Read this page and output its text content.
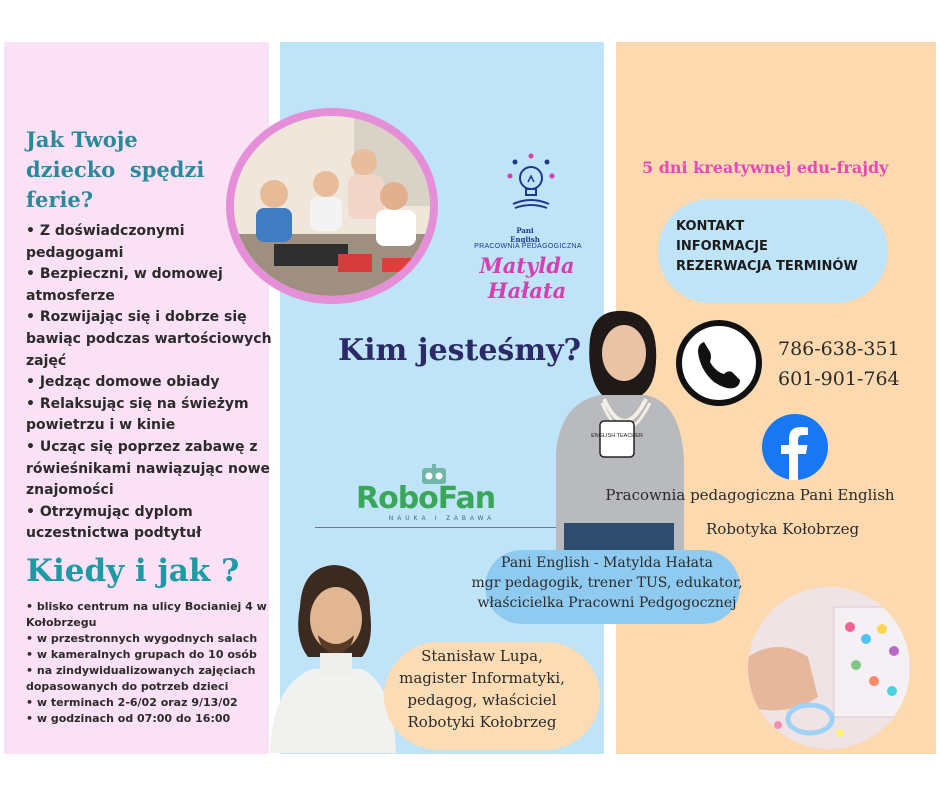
Jak Twoje
dziecko  spędzi
ferie?
• Z doświadczonymi pedagogami
• Bezpieczni, w domowej atmosferze
• Rozwijając się i dobrze się bawiąc podczas wartościowych zajęć
• Jedząc domowe obiady
• Relaksując się na świeżym powietrzu i w kinie
• Ucząc się poprzez zabawę z rówieśnikami nawiązując nowe znajomości
• Otrzymując dyplom uczestnictwa podtytuł
Kiedy i jak ?
• blisko centrum na ulicy Bocianiej 4 w Kołobrzegu
• w przestronnych wygodnych salach
• w kameralnych grupach do 10 osób
• na zindywidualizowanych zajęciach dopasowanych do potrzeb dzieci
• w terminach 2-6/02 oraz 9/13/02
• w godzinach od 07:00 do 16:00
Pani English
PRACOWNIA PEDAGOGICZNA
Matylda Hałata
Kim jesteśmy?
RoboFan
NAUKA I ZABAWA
ENGLISH TEACHER
5 dni kreatywnej edu-frajdy
KONTAKT
INFORMACJE
REZERWACJA TERMINÓW
786-638-351
601-901-764
Pracownia pedagogiczna Pani English
Robotyka Kołobrzeg
Pani English - Matylda Hałata
mgr pedagogik, trener TUS, edukator,
właścicielka Pracowni Pedgogocznej
Stanisław Lupa,
magister Informatyki,
pedagog, właściciel
Robotyki Kołobrzeg
